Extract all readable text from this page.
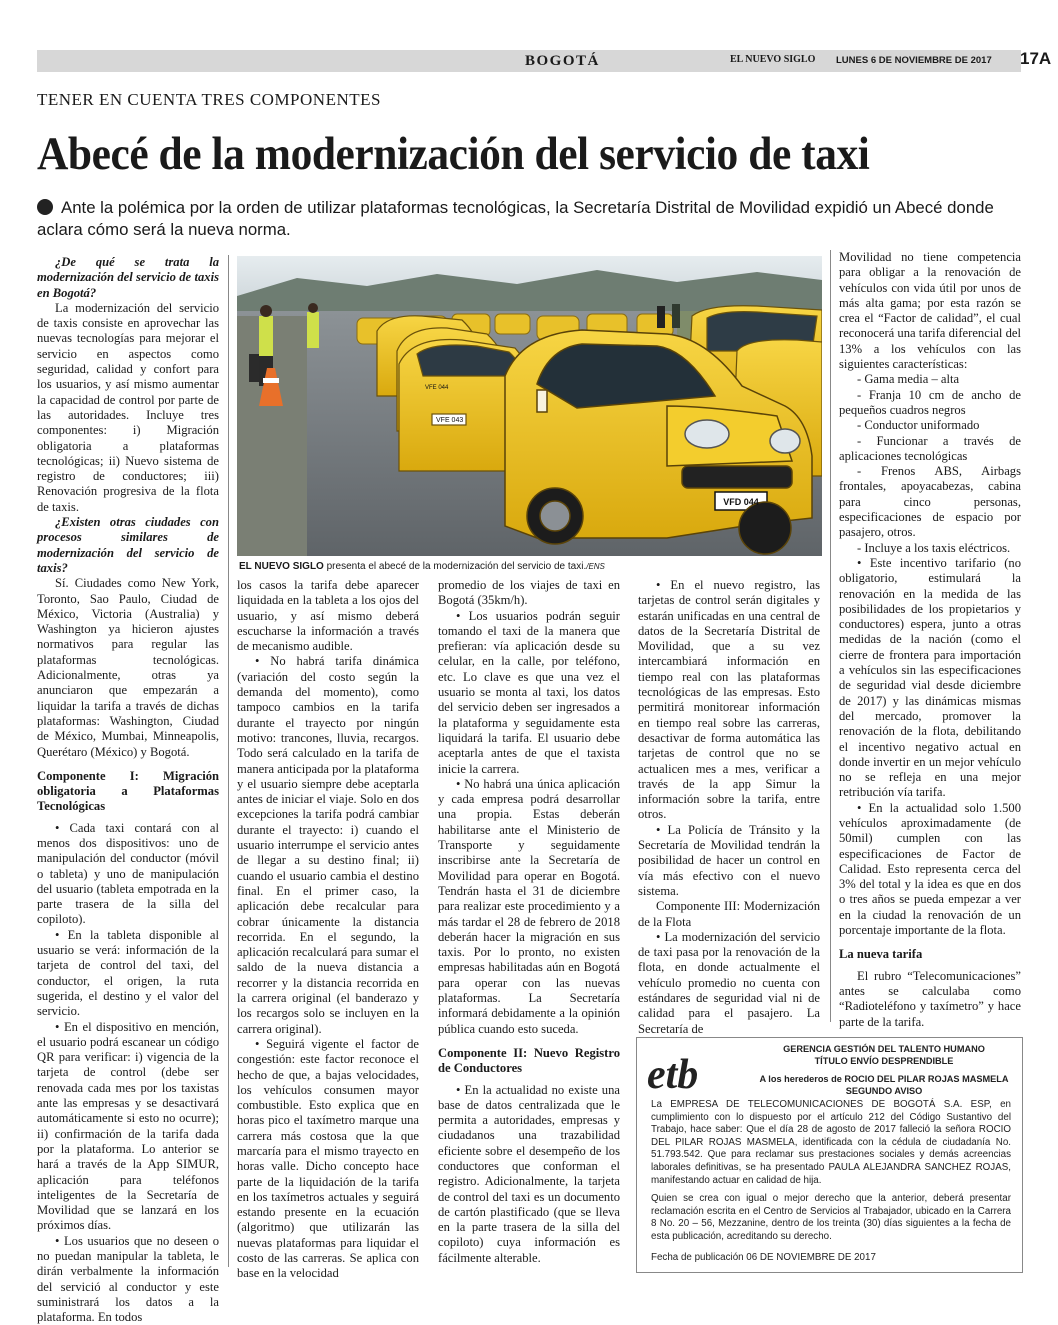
BOGOTÁ	EL NUEVO SIGLO LUNES 6 DE NOVIEMBRE DE 2017 17A
TENER EN CUENTA TRES COMPONENTES
Abecé de la modernización del servicio de taxi
Ante la polémica por la orden de utilizar plataformas tecnológicas, la Secretaría Distrital de Movilidad expidió un Abecé donde aclara cómo será la nueva norma.

¿De qué se trata la modernización del servicio de taxis en Bogotá?

La modernización del servicio de taxis consiste en aprovechar las nuevas tecnologías para mejorar el servicio en aspectos como seguridad, calidad y confort para los usuarios, y así mismo aumentar la capacidad de control por parte de las autoridades. Incluye tres componentes: i) Migración obligatoria a plataformas tecnológicas; ii) Nuevo sistema de registro de conductores; iii) Renovación progresiva de la flota de taxis.

¿Existen otras ciudades con procesos similares de modernización del servicio de taxis?

Sí. Ciudades como New York, Toronto, Sao Paulo, Ciudad de México, Victoria (Australia) y Washington ya hicieron ajustes normativos para regular las plataformas tecnológicas. Adicionalmente, otras ya anunciaron que empezarán a liquidar la tarifa a través de dichas plataformas: Washington, Ciudad de México, Mumbai, Minneapolis, Querétaro (México) y Bogotá.

Componente I: Migración obligatoria a Plataformas Tecnológicas

• Cada taxi contará con al menos dos dispositivos: uno de manipulación del conductor (móvil o tableta) y uno de manipulación del usuario (tableta empotrada en la parte trasera de la silla del copiloto).

• En la tableta disponible al usuario se verá: información de la tarjeta de control del taxi, del conductor, el origen, la ruta sugerida, el destino y el valor del servicio.

• En el dispositivo en mención, el usuario podrá escanear un código QR para verificar: i) vigencia de la tarjeta de control (debe ser renovada cada mes por los taxistas ante las empresas y se desactivará automáticamente si esto no ocurre); ii) confirmación de la tarifa dada por la plataforma. Lo anterior se hará a través de la App SIMUR, aplicación para teléfonos inteligentes de la Secretaría de Movilidad que se lanzará en los próximos días.

• Los usuarios que no deseen o no puedan manipular la tableta, le dirán verbalmente la información del servició al conductor y este suministrará los datos a la plataforma. En todos

VFD 044
VFE 044
VFE 043
EL NUEVO SIGLO presenta el abecé de la modernización del servicio de taxi./ENS

los casos la tarifa debe aparecer liquidada en la tableta a los ojos del usuario, y así mismo deberá escucharse la información a través de mecanismo audible.

• No habrá tarifa dinámica (variación del costo según la demanda del momento), como tampoco cambios en la tarifa durante el trayecto por ningún motivo: trancones, lluvia, recargos. Todo será calculado en la tarifa de manera anticipada por la plataforma y el usuario siempre debe aceptarla antes de iniciar el viaje. Solo en dos excepciones la tarifa podrá cambiar durante el trayecto: i) cuando el usuario interrumpe el servicio antes de llegar a su destino final; ii) cuando el usuario cambia el destino final. En el primer caso, la aplicación debe recalcular para cobrar únicamente la distancia recorrida. En el segundo, la aplicación recalculará para sumar el saldo de la nueva distancia a recorrer y la distancia recorrida en la carrera original (el banderazo y los recargos solo se incluyen en la carrera original).

• Seguirá vigente el factor de congestión: este factor reconoce el hecho de que, a bajas velocidades, los vehículos consumen mayor combustible. Esto explica que en horas pico el taxímetro marque una carrera más costosa que la que marcaría para el mismo trayecto en horas valle. Dicho concepto hace parte de la liquidación de la tarifa en los taxímetros actuales y seguirá estando presente en la ecuación (algoritmo) que utilizarán las nuevas plataformas para liquidar el costo de las carreras. Se aplica con base en la velocidad

promedio de los viajes de taxi en Bogotá (35km/h).

• Los usuarios podrán seguir tomando el taxi de la manera que prefieran: vía aplicación desde su celular, en la calle, por teléfono, etc. Lo clave es que una vez el usuario se monta al taxi, los datos del servicio deben ser ingresados a la plataforma y seguidamente esta liquidará la tarifa. El usuario debe aceptarla antes de que el taxista inicie la carrera.

• No habrá una única aplicación y cada empresa podrá desarrollar una propia. Estas deberán habilitarse ante el Ministerio de Transporte y seguidamente inscribirse ante la Secretaría de Movilidad para operar en Bogotá. Tendrán hasta el 31 de diciembre para realizar este procedimiento y a más tardar el 28 de febrero de 2018 deberán hacer la migración en sus taxis. Por lo pronto, no existen empresas habilitadas aún en Bogotá para operar con las nuevas plataformas. La Secretaría informará debidamente a la opinión pública cuando esto suceda.

Componente II: Nuevo Registro de Conductores

• En la actualidad no existe una base de datos centralizada que le permita a autoridades, empresas y ciudadanos una trazabilidad eficiente sobre el desempeño de los conductores que conforman el registro. Adicionalmente, la tarjeta de control del taxi es un documento de cartón plastificado (que se lleva en la parte trasera de la silla del copiloto) cuya información es fácilmente alterable.

• En el nuevo registro, las tarjetas de control serán digitales y estarán unificadas en una central de datos de la Secretaría Distrital de Movilidad, que a su vez intercambiará información en tiempo real con las plataformas tecnológicas de las empresas. Esto permitirá monitorear información en tiempo real sobre las carreras, desactivar de forma automática las tarjetas de control que no se actualicen mes a mes, verificar a través de la app Simur la información sobre la tarifa, entre otros.

• La Policía de Tránsito y la Secretaría de Movilidad tendrán la posibilidad de hacer un control en vía más efectivo con el nuevo sistema.

Componente III: Modernización de la Flota

• La modernización del servicio de taxi pasa por la renovación de la flota, en donde actualmente el vehículo promedio no cuenta con estándares de seguridad vial ni de calidad para el pasajero. La Secretaría de

Movilidad no tiene competencia para obligar a la renovación de vehículos con vida útil por unos de más alta gama; por esta razón se crea el “Factor de calidad”, el cual reconocerá una tarifa diferencial del 13% a los vehículos con las siguientes características:

- Gama media – alta

- Franja 10 cm de ancho de pequeños cuadros negros

- Conductor uniformado

- Funcionar a través de aplicaciones tecnológicas

- Frenos ABS, Airbags frontales, apoyacabezas, cabina para cinco personas, especificaciones de espacio por pasajero, otros.

- Incluye a los taxis eléctricos.

• Este incentivo tarifario (no obligatorio, estimulará la renovación en la medida de las posibilidades de los propietarios y conductores) espera, junto a otras medidas de la nación (como el cierre de frontera para importación a vehículos sin las especificaciones de seguridad vial desde diciembre de 2017) y las dinámicas mismas del mercado, promover la renovación de la flota, debilitando el incentivo negativo actual en donde invertir en un mejor vehículo no se refleja en una mejor retribución vía tarifa.

• En la actualidad solo 1.500 vehículos aproximadamente (de 50mil) cumplen con las especificaciones de Factor de Calidad. Esto representa cerca del 3% del total y la idea es que en dos o tres años se pueda empezar a ver en la ciudad la renovación de un porcentaje importante de la flota.

La nueva tarifa

El rubro “Telecomunicaciones” antes se calculaba como “Radioteléfono y taxímetro” y hace parte de la tarifa.

etb
GERENCIA GESTIÓN DEL TALENTO HUMANO
TÍTULO ENVÍO DESPRENDIBLE
A los herederos de ROCIO DEL PILAR ROJAS MASMELA
SEGUNDO AVISO
La EMPRESA DE TELECOMUNICACIONES DE BOGOTÁ S.A. ESP, en cumplimiento con lo dispuesto por el artículo 212 del Código Sustantivo del Trabajo, hace saber: Que el día 28 de agosto de 2017 falleció la señora ROCIO DEL PILAR ROJAS MASMELA, identificada con la cédula de ciudadanía No. 51.793.542. Que para reclamar sus prestaciones sociales y demás acreencias laborales definitivas, se ha presentado PAULA ALEJANDRA SANCHEZ ROJAS, manifestando actuar en calidad de hija.
Quien se crea con igual o mejor derecho que la anterior, deberá presentar reclamación escrita en el Centro de Servicios al Trabajador, ubicado en la Carrera 8 No. 20 – 56, Mezzanine, dentro de los treinta (30) días siguientes a la fecha de esta publicación, acreditando su derecho.
Fecha de publicación 06 DE NOVIEMBRE DE 2017
